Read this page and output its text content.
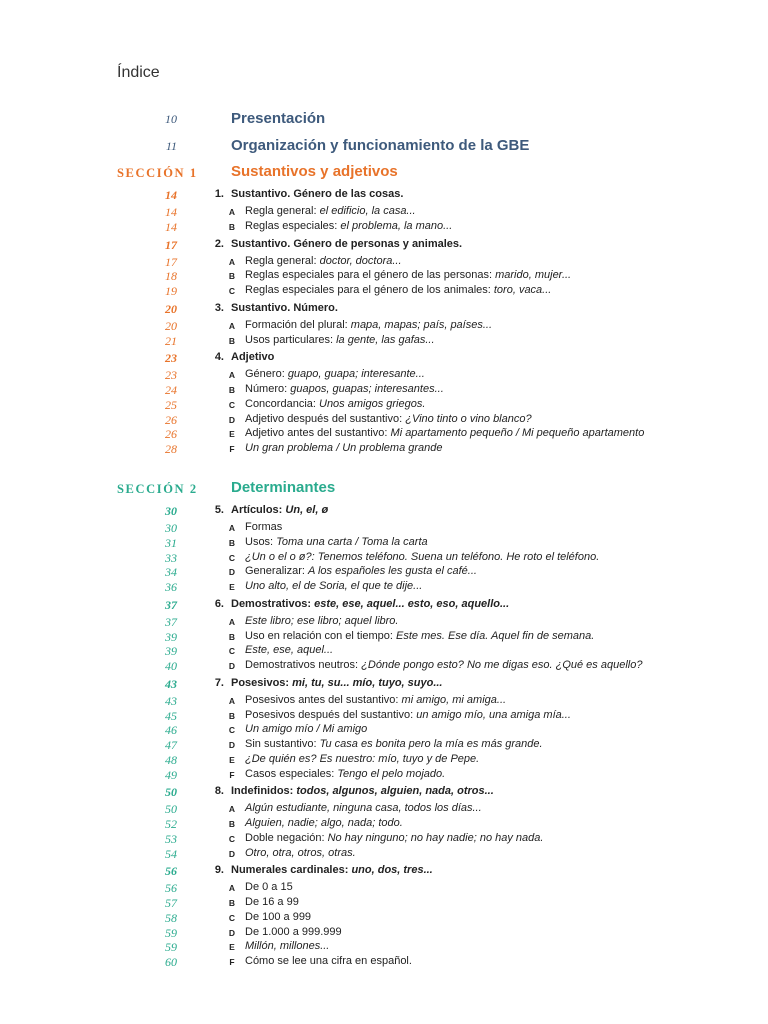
Índice
10	Presentación
11	Organización y funcionamiento de la GBE
SECCIÓN 1 Sustantivos y adjetivos
14	1. Sustantivo. Género de las cosas.
14	A Regla general: el edificio, la casa...
14	B Reglas especiales: el problema, la mano...
17	2. Sustantivo. Género de personas y animales.
17	A Regla general: doctor, doctora...
18	B Reglas especiales para el género de las personas: marido, mujer...
19	C Reglas especiales para el género de los animales: toro, vaca...
20	3. Sustantivo. Número.
20	A Formación del plural: mapa, mapas; país, países...
21	B Usos particulares: la gente, las gafas...
23	4. Adjetivo
23	A Género: guapo, guapa; interesante...
24	B Número: guapos, guapas; interesantes...
25	C Concordancia: Unos amigos griegos.
26	D Adjetivo después del sustantivo: ¿Vino tinto o vino blanco?
26	E Adjetivo antes del sustantivo: Mi apartamento pequeño / Mi pequeño apartamento
28	F Un gran problema / Un problema grande
SECCIÓN 2 Determinantes
30	5. Artículos: Un, el, ø
30	A Formas
31	B Usos: Toma una carta / Toma la carta
33	C ¿Un o el o ø?: Tenemos teléfono. Suena un teléfono. He roto el teléfono.
34	D Generalizar: A los españoles les gusta el café...
36	E Uno alto, el de Soria, el que te dije...
37	6. Demostrativos: este, ese, aquel... esto, eso, aquello...
37	A Este libro; ese libro; aquel libro.
39	B Uso en relación con el tiempo: Este mes. Ese día. Aquel fin de semana.
39	C Este, ese, aquel...
40	D Demostrativos neutros: ¿Dónde pongo esto? No me digas eso. ¿Qué es aquello?
43	7. Posesivos: mi, tu, su... mío, tuyo, suyo...
43	A Posesivos antes del sustantivo: mi amigo, mi amiga...
45	B Posesivos después del sustantivo: un amigo mío, una amiga mía...
46	C Un amigo mío / Mi amigo
47	D Sin sustantivo: Tu casa es bonita pero la mía es más grande.
48	E ¿De quién es? Es nuestro: mío, tuyo y de Pepe.
49	F Casos especiales: Tengo el pelo mojado.
50	8. Indefinidos: todos, algunos, alguien, nada, otros...
50	A Algún estudiante, ninguna casa, todos los días...
52	B Alguien, nadie; algo, nada; todo.
53	C Doble negación: No hay ninguno; no hay nadie; no hay nada.
54	D Otro, otra, otros, otras.
56	9. Numerales cardinales: uno, dos, tres...
56	A De 0 a 15
57	B De 16 a 99
58	C De 100 a 999
59	D De 1.000 a 999.999
59	E Millón, millones...
60	F Cómo se lee una cifra en español.
